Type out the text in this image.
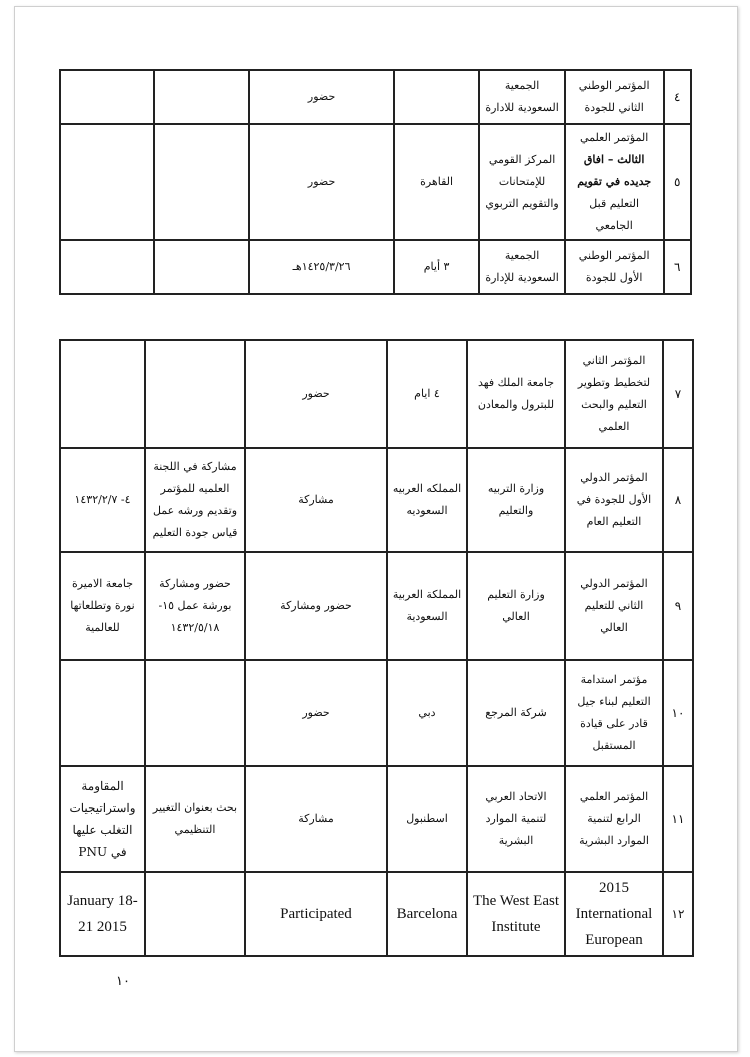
٤	المؤتمر الوطني الثاني للجودة	الجمعية السعودية للادارة		حضور		
٥	المؤتمر العلمي الثالث – افاق جديده في تقويم التعليم قبل الجامعي	المركز القومي للإمتحانات والتقويم التربوي	القاهرة	حضور		
٦	المؤتمر الوطني الأول للجودة	الجمعية السعودية للإدارة	٣ أيام	١٤٢٥/٣/٢٦هـ		
٧	المؤتمر الثاني لتخطيط وتطوير التعليم والبحث العلمي	جامعة الملك فهد للبترول والمعادن	٤ ايام	حضور		
٨	المؤتمر الدولي الأول للجودة في التعليم العام	وزارة التربيه والتعليم	المملكه العربيه السعوديه	مشاركة	مشاركة في اللجنة العلميه للمؤتمر وتقديم ورشه عمل قياس جودة التعليم	٤- ١٤٣٢/٢/٧
٩	المؤتمر الدولي الثاني للتعليم العالي	وزارة التعليم العالي	المملكة العربية السعودية	حضور ومشاركة	حضور ومشاركة بورشة عمل ١٥- ١٤٣٢/٥/١٨	جامعة الاميرة نورة وتطلعاتها للعالمية
١٠	مؤتمر استدامة التعليم لبناء جيل قادر على قيادة المستقبل	شركة المرجع	دبي	حضور		
١١	المؤتمر العلمي الرابع لتنمية الموارد البشرية	الاتحاد العربي لتنمية الموارد البشرية	اسطنبول	مشاركة	بحث بعنوان التغيير التنظيمي	المقاومة واستراتيجيات التغلب عليها في PNU
١٢	2015 International European	The West East Institute	Barcelona	Participated		January 18- 21 2015
١٠
